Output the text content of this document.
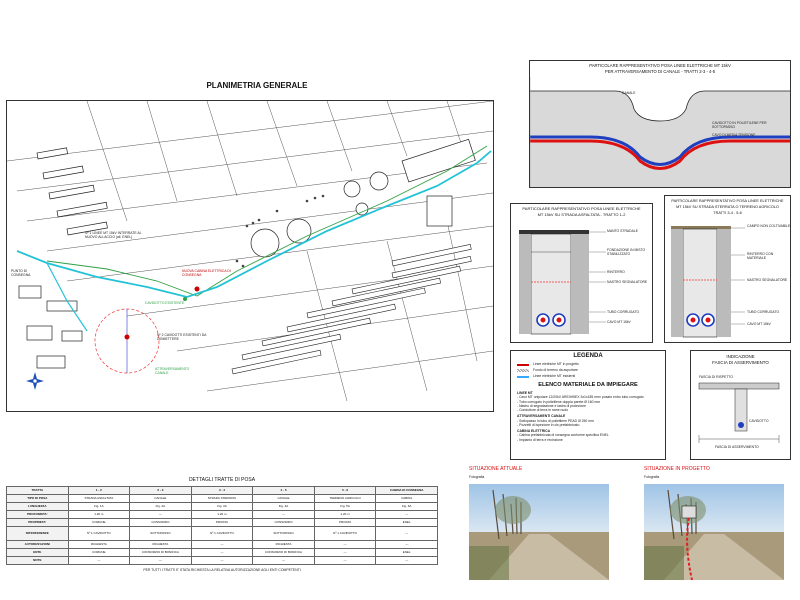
PLANIMETRIA GENERALE
Nº 1 LINEE MT 15kV INTERRATE AL NUOVO ALLACCIO (all. ENEL)
NUOVA CABINA ELETTRICA DI CONSEGNA
CAVIDOTTO ESISTENTE
Nº 2 CAVIDOTTI ESISTENTI DA DISMETTERE
ATTRAVERSAMENTO CANALE
PUNTO DI CONSEGNA
PARTICOLARE RAPPRESENTATIVO POSA LINEE ELETTRICHE MT 15kV
PER ATTRAVERSAMENTO DI CANALE - TRATTI 2-3 - 4-5
CANALE
CAVIDOTTO IN POLIETILENE PER SOTTOPASSO
CAVO DI MEDIA TENSIONE
PARTICOLARE RAPPRESENTATIVO POSA LINEE ELETTRICHE
MT 15kV SU STRADA ASFALTATA - TRATTO 1-2
MANTO STRADALE
FONDAZIONE IN MISTO STABILIZZATO
RINTERRO
NASTRO SEGNALATORE
TUBO CORRUGATO
CAVO MT 15kV
PARTICOLARE RAPPRESENTATIVO POSA LINEE ELETTRICHE
MT 15kV SU STRADA STERRATA O TERRENO AGRICOLO
TRATTI 3-4 - 5-6
CAMPO NON COLTIVABILE
RINTERRO CON MATERIALE
NASTRO SEGNALATORE
TUBO CORRUGATO
CAVO MT 15kV
LEGENDA
Linee elettriche MT in progetto
Fondo di terreno da asportare
Linee elettriche MT esistenti
ELENCO MATERIALE DA IMPIEGARE
LINEE MT
- Cavo MT unipolare 12/20kV ARE4H5EX 3x1x185 mm² posato entro tubo corrugato
- Tubo corrugato in polietilene doppia parete Ø 160 mm
- Nastro di segnalazione e lastra di protezione
- Conduttore di terra in rame nudo
ATTRAVERSAMENTI CANALE
- Sottopasso in tubo di polietilene PEAD Ø 250 mm
- Pozzetti di ispezione in cls prefabbricato
CABINA ELETTRICA
- Cabina prefabbricata di consegna conforme specifica ENEL
- Impianto di terra e recinzione
INDICAZIONE
FASCIA DI ASSERVIMENTO
FASCIA DI RISPETTO
CAVIDOTTO
FASCIA DI ASSERVIMENTO
DETTAGLI TRATTE DI POSA
TRATTA	1 - 2	2 - 3	3 - 4	4 - 5	5 - 6	CABINA DI CONSEGNA
TIPO DI POSA	STRADA ASFALTATA	CANALE	STRADA STERRATA	CANALE	TERRENO AGRICOLO	CABINA
LUNGHEZZA	Fig. 1A	Fig. 2A	Fig. 3A	Fig. 4A	Fig. 5A	Fig. 6A
PROFONDITA'	1.20 m	—	1.20 m	—	1.20 m	—
PROPRIETA'	COMUNE	CONSORZIO	PRIVATA	CONSORZIO	PRIVATA	ENEL
INTERFERENZE	Nº 1 CAVIDOTTO	SOTTOPASSO	Nº 1 CAVIDOTTO	SOTTOPASSO	Nº 1 CAVIDOTTO	—
AUTORIZZAZIONI	RICHIESTA	RICHIESTA	—	RICHIESTA	—	—
ENTE	COMUNE	CONSORZIO DI BONIFICA	—	CONSORZIO DI BONIFICA	—	ENEL
NOTE	—	—	—	—	—	—
PER TUTTI I TRATTI E' STATA RICHIESTA LA RELATIVA AUTORIZZAZIONE AGLI ENTI COMPETENTI
SITUAZIONE ATTUALE
Fotografia
SITUAZIONE IN PROGETTO
Fotografia
